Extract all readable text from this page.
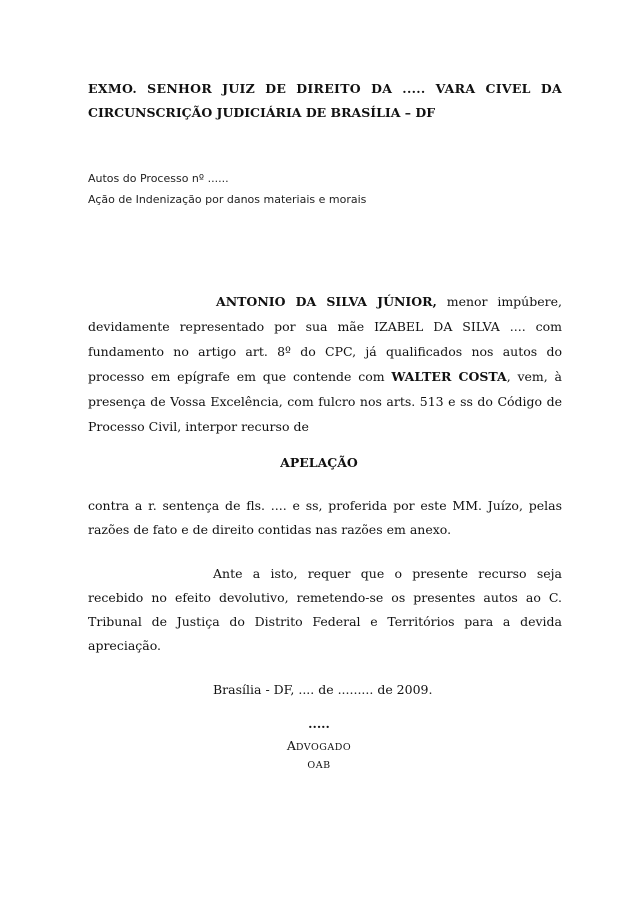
EXMO. SENHOR JUIZ DE DIREITO DA ..... VARA CIVEL DA
CIRCUNSCRIÇÃO JUDICIÁRIA DE BRASÍLIA – DF
Autos do Processo nº ......
Ação de Indenização por danos materiais e morais
ANTONIO DA SILVA JÚNIOR, menor impúbere,
devidamente representado por sua mãe IZABEL DA SILVA .... com
fundamento no artigo art. 8º do CPC, já qualificados nos autos do
processo em epígrafe em que contende com WALTER COSTA, vem, à
presença de Vossa Excelência, com fulcro nos arts. 513 e ss do Código de
Processo Civil, interpor recurso de
APELAÇÃO
contra a r. sentença de fls. .... e ss, proferida por este MM. Juízo, pelas
razões de fato e de direito contidas nas razões em anexo.
Ante a isto, requer que o presente recurso seja
recebido no efeito devolutivo, remetendo-se os presentes autos ao C.
Tribunal de Justiça do Distrito Federal e Territórios para a devida
apreciação.
Brasília - DF, .... de ......... de 2009.
.....
ADVOGADO
OAB
